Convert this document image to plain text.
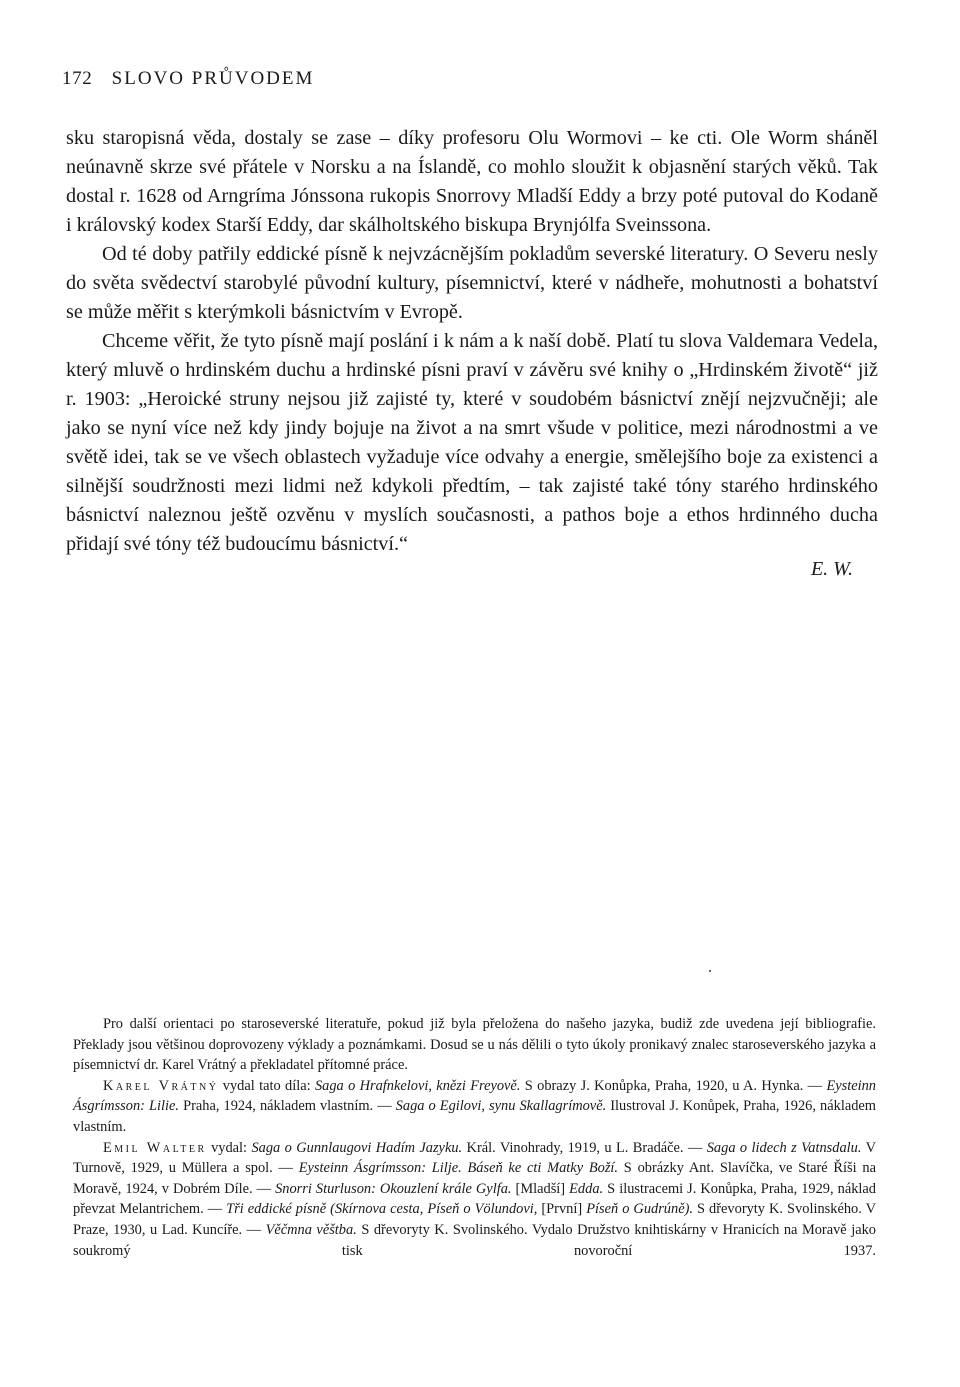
172 SLOVO PRŮVODEM

sku staropisná věda, dostaly se zase – díky profesoru Olu Wormovi – ke cti. Ole Worm sháněl neúnavně skrze své přátele v Norsku a na Íslandě, co mohlo sloužit k objasnění starých věků. Tak dostal r. 1628 od Arngríma Jónssona rukopis Snorrovy Mladší Eddy a brzy poté putoval do Kodaně i královský kodex Starší Eddy, dar skálholtského biskupa Brynjólfa Sveinssona.

Od té doby patřily eddické písně k nejvzácnějším pokladům severské literatury. O Severu nesly do světa svědectví starobylé původní kultury, písemnictví, které v nádheře, mohutnosti a bohatství se může měřit s kterýmkoli básnictvím v Evropě.

Chceme věřit, že tyto písně mají poslání i k nám a k naší době. Platí tu slova Valdemara Vedela, který mluvě o hrdinském duchu a hrdinské písni praví v závěru své knihy o „Hrdinském životě“ již r. 1903: „Heroické struny nejsou již zajisté ty, které v soudobém básnictví znějí nejzvučněji; ale jako se nyní více než kdy jindy bojuje na život a na smrt všude v politice, mezi národnostmi a ve světě idei, tak se ve všech oblastech vyžaduje více odvahy a energie, smělejšího boje za existenci a silnější soudržnosti mezi lidmi než kdykoli předtím, – tak zajisté také tóny starého hrdinského básnictví naleznou ještě ozvěnu v myslích současnosti, a pathos boje a ethos hrdinného ducha přidají své tóny též budoucímu básnictví.“

E. W.

Pro další orientaci po staroseverské literatuře, pokud již byla přeložena do našeho jazyka, budiž zde uvedena její bibliografie. Překlady jsou většinou doprovozeny výklady a poznámkami. Dosud se u nás dělili o tyto úkoly pronikavý znalec staroseverského jazyka a písemnictví dr. Karel Vrátný a překladatel přítomné práce.

Karel Vrátný vydal tato díla: Saga o Hrafnkelovi, knězi Freyově. S obrazy J. Konůpka, Praha, 1920, u A. Hynka. — Eysteinn Ásgrímsson: Lilie. Praha, 1924, nákladem vlastním. — Saga o Egilovi, synu Skallagrímově. Ilustroval J. Konůpek, Praha, 1926, nákladem vlastním.

Emil Walter vydal: Saga o Gunnlaugovi Hadím Jazyku. Král. Vinohrady, 1919, u L. Bradáče. — Saga o lidech z Vatnsdalu. V Turnově, 1929, u Müllera a spol. — Eysteinn Ásgrímsson: Lilje. Báseň ke cti Matky Boží. S obrázky Ant. Slavíčka, ve Staré Říši na Moravě, 1924, v Dobrém Díle. — Snorri Sturluson: Okouzlení krále Gylfa. [Mladší] Edda. S ilustracemi J. Konůpka, Praha, 1929, náklad převzat Melantrichem. — Tři eddické písně (Skírnova cesta, Píseň o Völundovi, [První] Píseň o Gudrúně). S dřevoryty K. Svolinského. V Praze, 1930, u Lad. Kuncíře. — Věčmna věštba. S dřevoryty K. Svolinského. Vydalo Družstvo knihtiskárny v Hranicích na Moravě jako soukromý tisk novoroční 1937.
